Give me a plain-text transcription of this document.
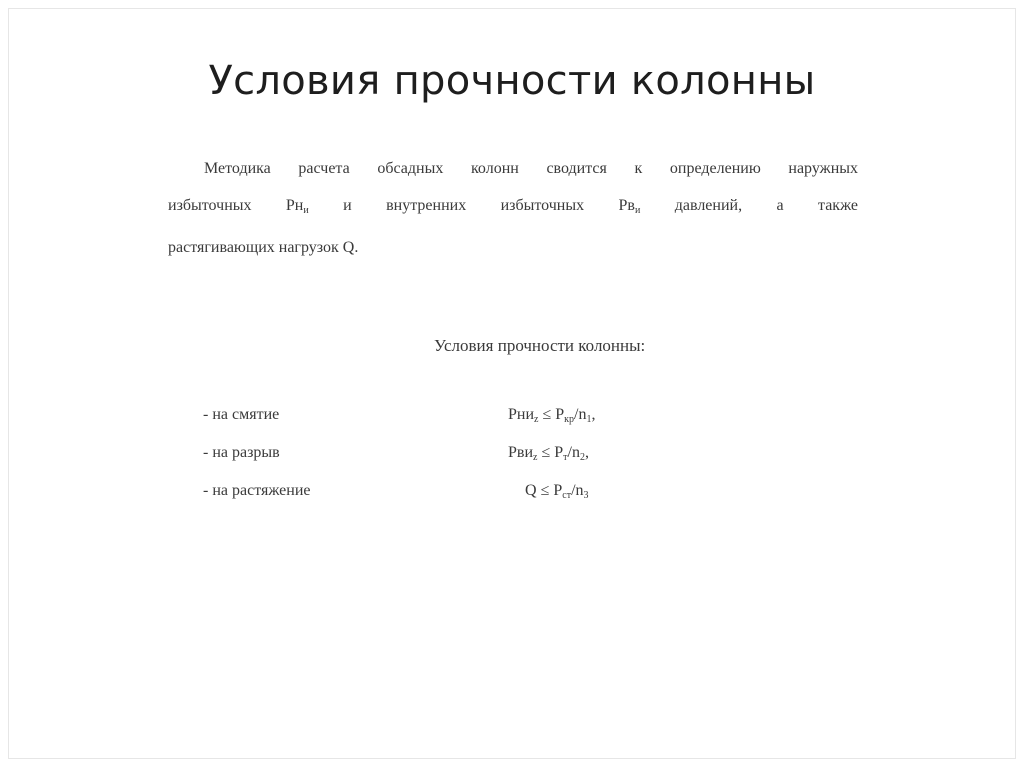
Условия прочности колонны
Методика расчета обсадных колонн сводится к определению наружных
избыточных $Рн_и$ и внутренних избыточных $Рв_и$ давлений, а также
растягивающих нагрузок Q.
Условия прочности колонны:
- на смятие	$Рни_z \le P_{кр}/n_1$,
- на разрыв	$Рви_z \le P_т/n_2$,
- на растяжение	$Q \le P_{ст}/n_3$
